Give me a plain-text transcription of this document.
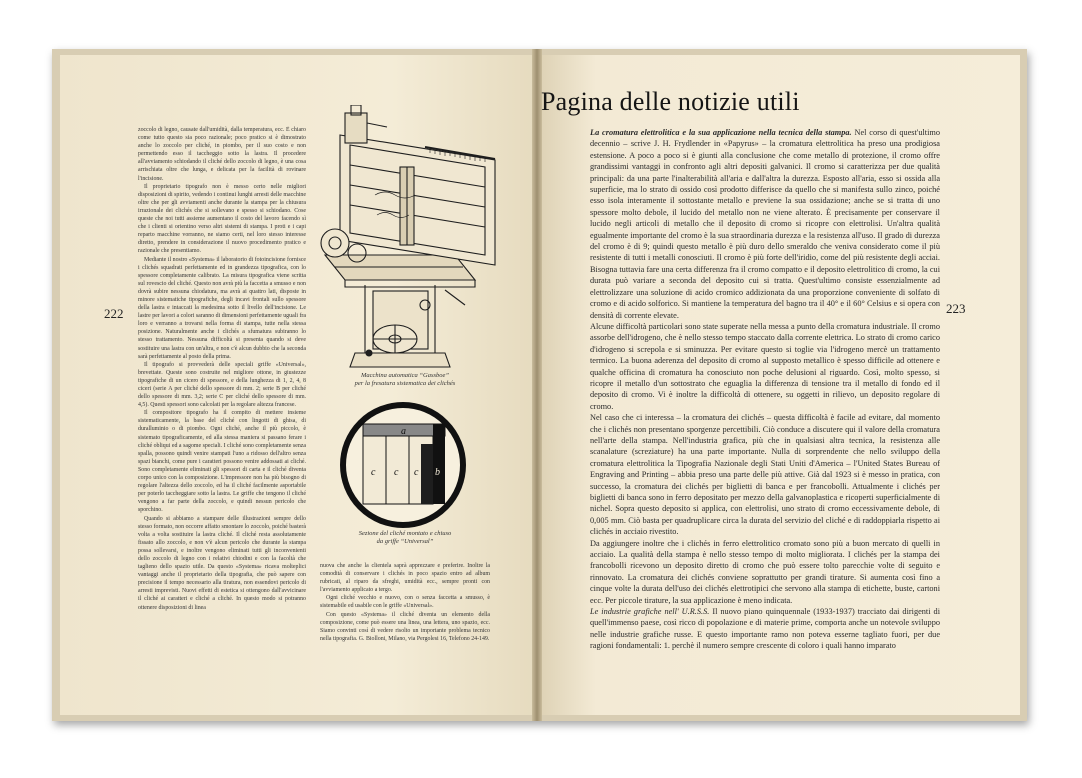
222

zoccolo di legno, causate dall'umidità, dalla temperatura, ecc. È chiaro come tutto questo sia poco razionale; poco pratico si è dimostrato anche lo zoccolo per cliché, in piombo, per il suo costo e non permettendo esso il taccheggio sotto la lastra. Il procedere all'avviamento schiodando il cliché dello zoccolo di legno, è una cosa arrischiata oltre che lunga, e delicata per la facilità di rovinare l'incisione.

Il proprietario tipografo non è messo certo nelle migliori disposizioni di spirito, vedendo i continui lunghi arresti delle macchine oltre che per gli avviamenti anche durante la stampa per la chiusura irrazionale dei clichés che si sollevano e spesso si schiodano. Cose queste che noi tutti assieme aumentano il costo del lavoro facendo sì che i clienti si orientino verso altri sistemi di stampa. I proti e i capi reparto macchine vorranno, ne siamo certi, nel loro stesso interesse diretto, prendere in considerazione il nuovo procedimento pratico e razionale che presentiamo.

Mediante il nostro «Systema» il laboratorio di fotoincisione fornisce i clichés squadrati perfettamente ed in grandezza tipografica, con lo spessore completamente calibrato. La misura tipografica viene scritta sul rovescio del cliché. Questo non avrà più la faccetta a smusso e non dovrà subire nessuna chiodatura, ma avrà ai quattro lati, disposte in minore sistematiche tipografiche, degli incavi frontali sullo spessore della lastra e intaccati la medesima sotto il livello dell'incisione. Le lastre per lavori a colori saranno di dimensioni perfettamente uguali fra loro e verranno a trovarsi nella forma di stampa, tutte nella stessa posizione. Naturalmente anche i clichés a sfumatura subiranno lo stesso trattamento. Nessuna difficoltà si presenta quando si deve sostituire una lastra con un'altra, e non c'è alcun dubbio che la seconda sarà perfettamente al posto della prima.

Il tipografo si provvederà delle speciali griffe «Universal», brevettate. Queste sono costruite nel migliore ottone, in giustezze tipografiche di un cicero di spessore, e della lunghezza di 1, 2, 4, 8 ciceri (serie A per cliché dello spessore di mm. 2; serie B per cliché dello spessore di mm. 3,2; serie C per cliché dello spessore di mm. 4,5). Questi spessori sono calcolati per la regolare altezza francese.

Il compositore tipografo ha il compito di mettere insieme sistematicamente, la base del cliché con lingotti di ghisa, di duralluminio o di piombo. Ogni cliché, anche il più piccolo, è sistemato tipograficamente, ed alla stessa maniera si passano ferare i cliché obliqui ed a sagome speciali. I cliché sono completamente senza spalla, possono quindi venire stampati l'uno a ridosso dell'altro senza spazi bianchi, come pure i caratteri possono venire addossati ai cliché. Sono completamente eliminati gli spessori di carta e il cliché diventa corpo unico con la composizione. L'impressore non ha più bisogno di regolare l'altezza dello zoccolo, ed ha il cliché facilmente asportabile per poterlo taccheggiare sotto la lastra. Le griffe che tengono il cliché vengono a far parte della zoccolo, e quindi nessun pericolo che sporchino.

Quando si abbiamo a stampare delle illustrazioni sempre dello stesso formato, non occorre affatto smontare lo zoccolo, poiché basterà volta a volta sostituire la lastra cliché. Il cliché resta assolutamente fissato allo zoccolo, e non v'è alcun pericolo che durante la stampa possa sollevarsi, e inoltre vengono eliminati tutti gli inconvenienti dello zoccolo di legno con i relativi chiodini e con la facoltà che taglieno dello spazio utile. Da questo «Systema» ricava molteplici vantaggi anche il proprietario della tipografia, che può sapere con precisione il tempo necessario alla tiratura, non essendovi pericolo di arresti imprevisti. Nuovi effetti di estetica si ottengono dall'avvicinare il cliché ai caratteri e cliché a cliché. In questo modo si potranno ottenere disposizioni di linea

nuova che anche la clientela saprà apprezzare e preferire. Inoltre la comodità di conservare i clichés in poco spazio entro ad album rubricati, al riparo da sfreghi, umidità ecc., sempre pronti con l'avviamento applicato a tergo.

Ogni cliché vecchio e nuovo, con o senza faccetta a smusso, è sistemabile ed usabile con le griffe «Universal».

Con questo «Systema» il cliché diventa un elemento della composizione, come può essere una linea, una lettera, uno spazio, ecc. Siamo convinti così di vedere risolto un importante problema tecnico nella tipografia. G. Biolloni, Milano, via Pergolesi 16, Telefono 24-149.

Macchina automatica “Gassboe”
per la fresatura sistematica dei clichés
a
c c c b
Sezione del cliché montato e chiuso
da griffe “Universal”
Pagina delle notizie utili
223

La cromatura elettrolitica e la sua applicazione nella tecnica della stampa. Nel corso di quest'ultimo decennio – scrive J. H. Frydlender in «Papyrus» – la cromatura elettrolitica ha preso una prodigiosa estensione. A poco a poco si è giunti alla conclusione che come metallo di protezione, il cromo offre grandissimi vantaggi in confronto agli altri depositi galvanici. Il cromo si caratterizza per due qualità principali: da una parte l'inalterabilità all'aria e dall'altra la durezza. Esposto all'aria, esso si ossida alla superficie, ma lo strato di ossido così prodotto differisce da quello che si manifesta sullo zinco, poiché esso isola interamente il sottostante metallo e previene la sua ossidazione; anche se si tratta di uno spessore molto debole, il lucido del metallo non ne viene alterato. È precisamente per conservare il lucido negli articoli di metallo che il deposito di cromo si ricopre con elettrolisi. Un'altra qualità egualmente importante del cromo è la sua straordinaria durezza e la resistenza all'uso. Il grado di durezza del cromo è di 9; quindi questo metallo è più duro dello smeraldo che veniva considerato come il più resistente di tutti i metalli conosciuti. Il cromo è più forte dell'iridio, come del più resistente degli acciai. Bisogna tuttavia fare una certa differenza fra il cromo compatto e il deposito elettrolitico di cromo, la cui durata può variare a seconda del deposito cui si tratta. Quest'ultimo consiste essenzialmente ad elettrolizzare una soluzione di acido cromico addizionata da una proporzione conveniente di solfato di cromo e di acido solforico. Si mantiene la temperatura del bagno tra il 40° e il 60° Celsius e si opera con densità di corrente elevate.

Alcune difficoltà particolari sono state superate nella messa a punto della cromatura industriale. Il cromo assorbe dell'idrogeno, che è nello stesso tempo staccato dalla corrente elettrica. Lo strato di cromo carico d'idrogeno si screpola e si sminuzza. Per evitare questo si toglie via l'idrogeno mercè un trattamento termico. La buona aderenza del deposito di cromo al supposto metallico è spesso difficile ad ottenere e qualche officina di cromatura ha conosciuto non poche delusioni al riguardo. Così, molto spesso, si ricopre il metallo d'un sottostrato che eguaglia la differenza di tensione tra il metallo di fondo ed il deposito di cromo. Vi è inoltre la difficoltà di ottenere, su oggetti in rilievo, un deposito regolare di cromo.

Nel caso che ci interessa – la cromatura dei clichés – questa difficoltà è facile ad evitare, dal momento che i clichés non presentano sporgenze percettibili. Ciò conduce a discutere qui il valore della cromatura nell'arte della stampa. Nell'industria grafica, più che in qualsiasi altra tecnica, la resistenza alle scanalature (screziature) ha una parte importante. Nulla di sorprendente che nello sviluppo della cromatura elettrolitica la Tipografia Nazionale degli Stati Uniti d'America – l'United States Bureau of Engraving and Printing – abbia preso una parte delle più attive. Già dal 1923 si è messo in pratica, con successo, la cromatura dei clichés per biglietti di banca e per francobolli. Attualmente i clichés per biglietti di banca sono in ferro depositato per mezzo della galvanoplastica e ricoperti superficialmente di nichel. Sopra questo deposito si applica, con elettrolisi, uno strato di cromo eccessivamente debole, di 0,005 mm. Ciò basta per quadruplicare circa la durata del servizio del cliché e di raddoppiarla rispetto ai clichés in acciaio rivestito.

Da aggiungere inoltre che i clichés in ferro elettrolitico cromato sono più a buon mercato di quelli in acciaio. La qualità della stampa è nello stesso tempo di molto migliorata. I clichés per la stampa dei francobolli ricevono un deposito diretto di cromo che può essere tolto parecchie volte di seguito e rinnovato. La cromatura dei clichés conviene soprattutto per grandi tirature. Si aumenta così fino a cinque volte la durata dell'uso dei clichés elettrotipici che servono alla stampa di etichette, buste, cartoni ecc. Per piccole tirature, la sua applicazione è meno indicata.

Le industrie grafiche nell' U.R.S.S. Il nuovo piano quinquennale (1933-1937) tracciato dai dirigenti di quell'immenso paese, così ricco di popolazione e di materie prime, comporta anche un notevole sviluppo nelle industrie grafiche russe. E questo importante ramo non poteva esserne tagliato fuori, per due ragioni fondamentali: 1. perchè il numero sempre crescente di coloro i quali hanno imparato
